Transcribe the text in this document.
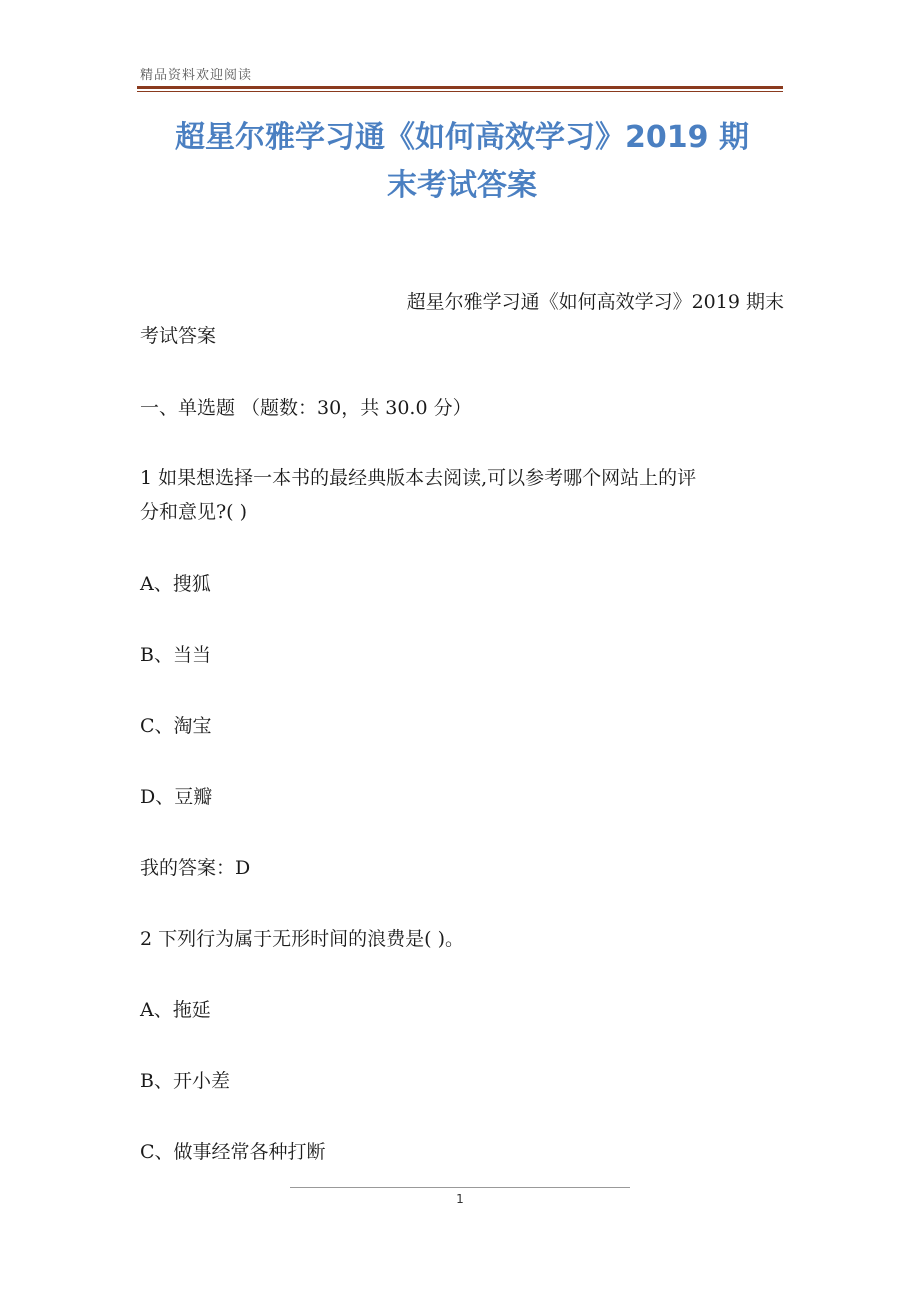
精品资料欢迎阅读
超星尔雅学习通《如何高效学习》2019 期
末考试答案
超星尔雅学习通《如何高效学习》2019 期末
考试答案
一、单选题 （题数：30，共 30.0 分）
1 如果想选择一本书的最经典版本去阅读,可以参考哪个网站上的评
分和意见?( )
A、搜狐
B、当当
C、淘宝
D、豆瓣
我的答案：D
2 下列行为属于无形时间的浪费是( )。
A、拖延
B、开小差
C、做事经常各种打断
1
